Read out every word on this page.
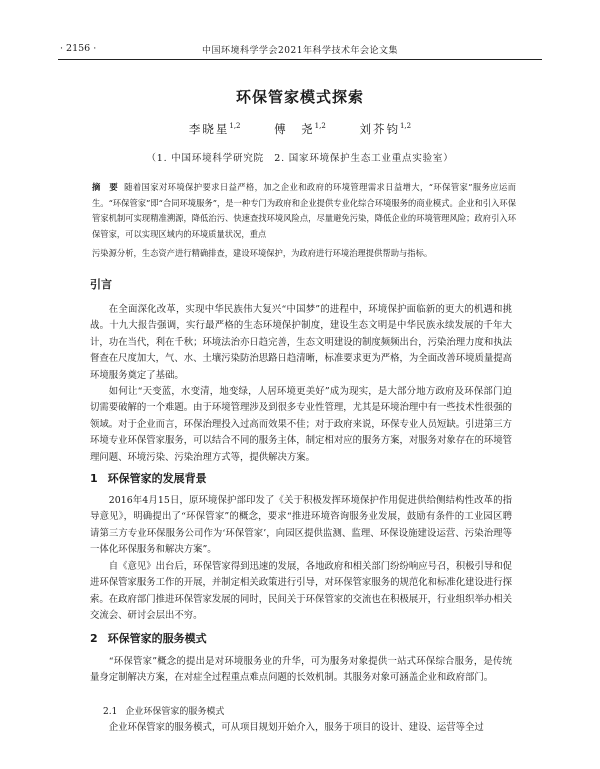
· 2156 ·	中国环境科学学会2021年科学技术年会论文集
环保管家模式探索
李晓星$^{1,2}$	傅　尧$^{1,2}$	刘芥钧$^{1,2}$
（1. 中国环境科学研究院　2. 国家环境保护生态工业重点实验室）
摘　要 随着国家对环境保护要求日益严格，加之企业和政府的环境管理需求日益增大，“环保管家”服务应运而生。“环保管家”即“合同环境服务”，是一种专门为政府和企业提供专业化综合环境服务的商业模式。企业和引入环保管家机制可实现精准溯源，降低治污、快速查找环境风险点，尽量避免污染，降低企业的环境管理风险；政府引入环保管家，可以实现区域内的环境质量状况，重点
污染源分析，生态资产进行精确排查，建设环境保护，为政府进行环境治理提供帮助与指标。
引言
在全面深化改革，实现中华民族伟大复兴“中国梦”的进程中，环境保护面临新的更大的机遇和挑战。十九大报告强调，实行最严格的生态环境保护制度，建设生态文明是中华民族永续发展的千年大计，功在当代，利在千秋；环境法治亦日趋完善，生态文明建设的制度频频出台，污染治理力度和执法督查在尺度加大，气、水、土壤污染防治思路日趋清晰，标准要求更为严格，为全面改善环境质量提高环境服务奠定了基础。
如何让“天变蓝，水变清，地变绿，人居环境更美好”成为现实，是大部分地方政府及环保部门迫切需要破解的一个难题。由于环境管理涉及到很多专业性管理，尤其是环境治理中有一些技术性很强的领域。对于企业而言，环保治理投入过高而效果不佳；对于政府来说，环保专业人员短缺。引进第三方环境专业环保管家服务，可以结合不同的服务主体，制定相对应的服务方案，对服务对象存在的环境管理问题、环境污染、污染治理方式等，提供解决方案。
1 环保管家的发展背景
2016年4月15日，原环境保护部印发了《关于积极发挥环境保护作用促进供给侧结构性改革的指导意见》，明确提出了“环保管家”的概念，要求“推进环境咨询服务业发展，鼓励有条件的工业园区聘请第三方专业环保服务公司作为‘环保管家’，向园区提供监测、监理、环保设施建设运营、污染治理等一体化环保服务和解决方案”。
自《意见》出台后，环保管家得到迅速的发展，各地政府和相关部门纷纷响应号召，积极引导和促进环保管家服务工作的开展，并制定相关政策进行引导，对环保管家服务的规范化和标准化建设进行探索。在政府部门推进环保管家发展的同时，民间关于环保管家的交流也在积极展开，行业组织举办相关交流会、研讨会层出不穷。
2 环保管家的服务模式
“环保管家”概念的提出是对环境服务业的升华，可为服务对象提供一站式环保综合服务，是传统量身定制解决方案，在对症全过程重点难点问题的长效机制。其服务对象可涵盖企业和政府部门。
2.1 企业环保管家的服务模式
企业环保管家的服务模式，可从项目规划开始介入，服务于项目的设计、建设、运营等全过
